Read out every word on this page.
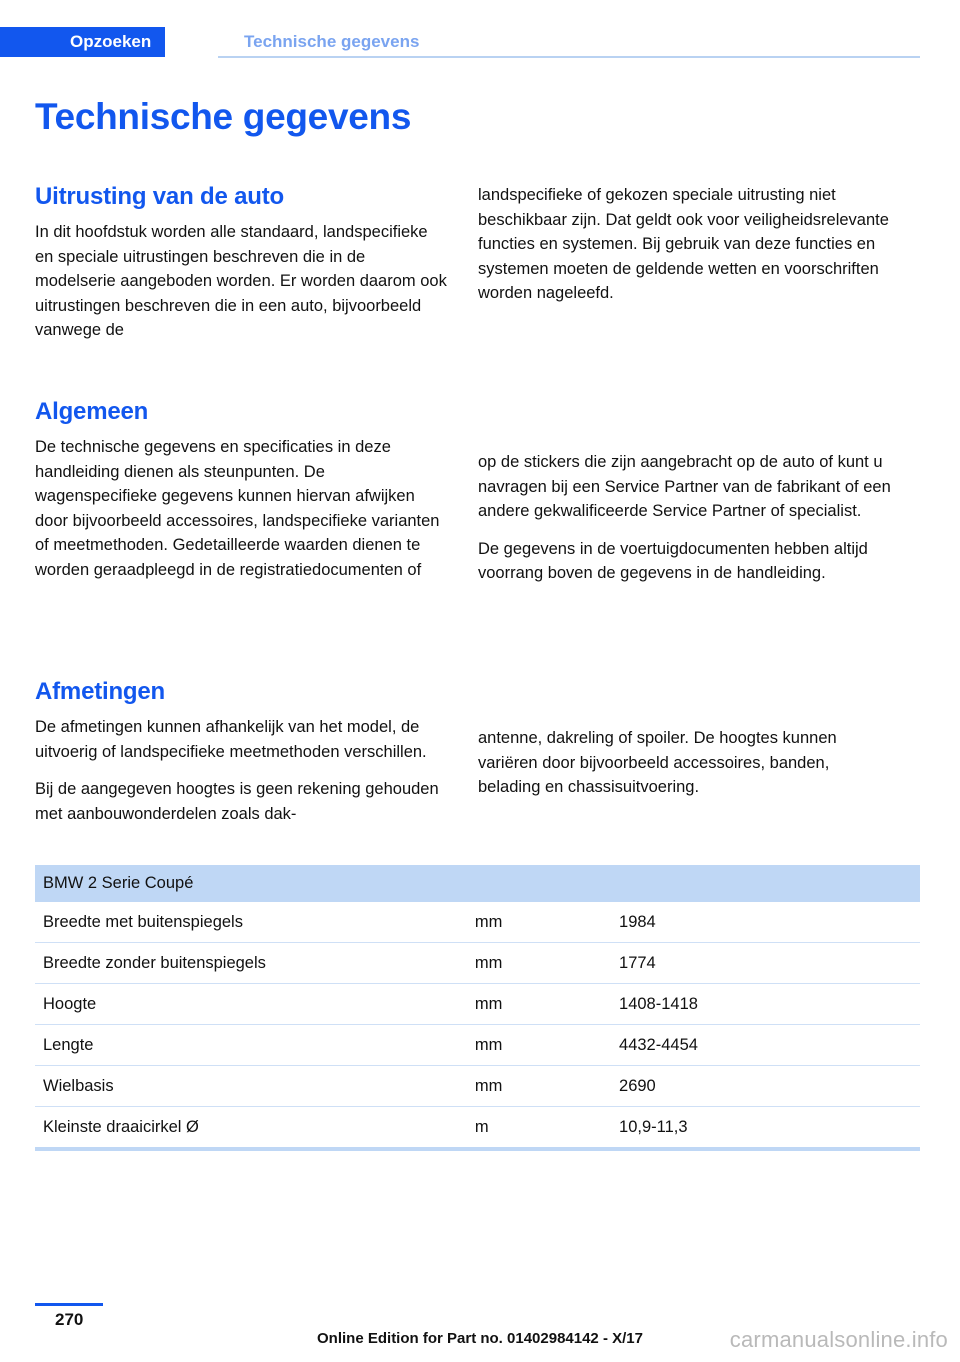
Opzoeken	Technische gegevens
Technische gegevens
Uitrusting van de auto

In dit hoofdstuk worden alle standaard, landspecifieke en speciale uitrustingen beschreven die in de modelserie aangeboden worden. Er worden daarom ook uitrustingen beschreven die in een auto, bijvoorbeeld vanwege de

landspecifieke of gekozen speciale uitrusting niet beschikbaar zijn. Dat geldt ook voor veiligheidsrelevante functies en systemen. Bij gebruik van deze functies en systemen moeten de geldende wetten en voorschriften worden nageleefd.

Algemeen

De technische gegevens en specificaties in deze handleiding dienen als steunpunten. De wagenspecifieke gegevens kunnen hiervan afwijken door bijvoorbeeld accessoires, landspecifieke varianten of meetmethoden. Gedetailleerde waarden dienen te worden geraadpleegd in de registratiedocumenten of

op de stickers die zijn aangebracht op de auto of kunt u navragen bij een Service Partner van de fabrikant of een andere gekwalificeerde Service Partner of specialist.

De gegevens in de voertuigdocumenten hebben altijd voorrang boven de gegevens in de handleiding.

Afmetingen

De afmetingen kunnen afhankelijk van het model, de uitvoerig of landspecifieke meetmethoden verschillen.

Bij de aangegeven hoogtes is geen rekening gehouden met aanbouwonderdelen zoals dak-

antenne, dakreling of spoiler. De hoogtes kunnen variëren door bijvoorbeeld accessoires, banden, belading en chassisuitvoering.

BMW 2 Serie Coupé		
Breedte met buitenspiegels	mm	1984
Breedte zonder buitenspiegels	mm	1774
Hoogte	mm	1408-1418
Lengte	mm	4432-4454
Wielbasis	mm	2690
Kleinste draaicirkel Ø	m	10,9-11,3
270
Online Edition for Part no. 01402984142 - X/17	carmanualsonline.info
